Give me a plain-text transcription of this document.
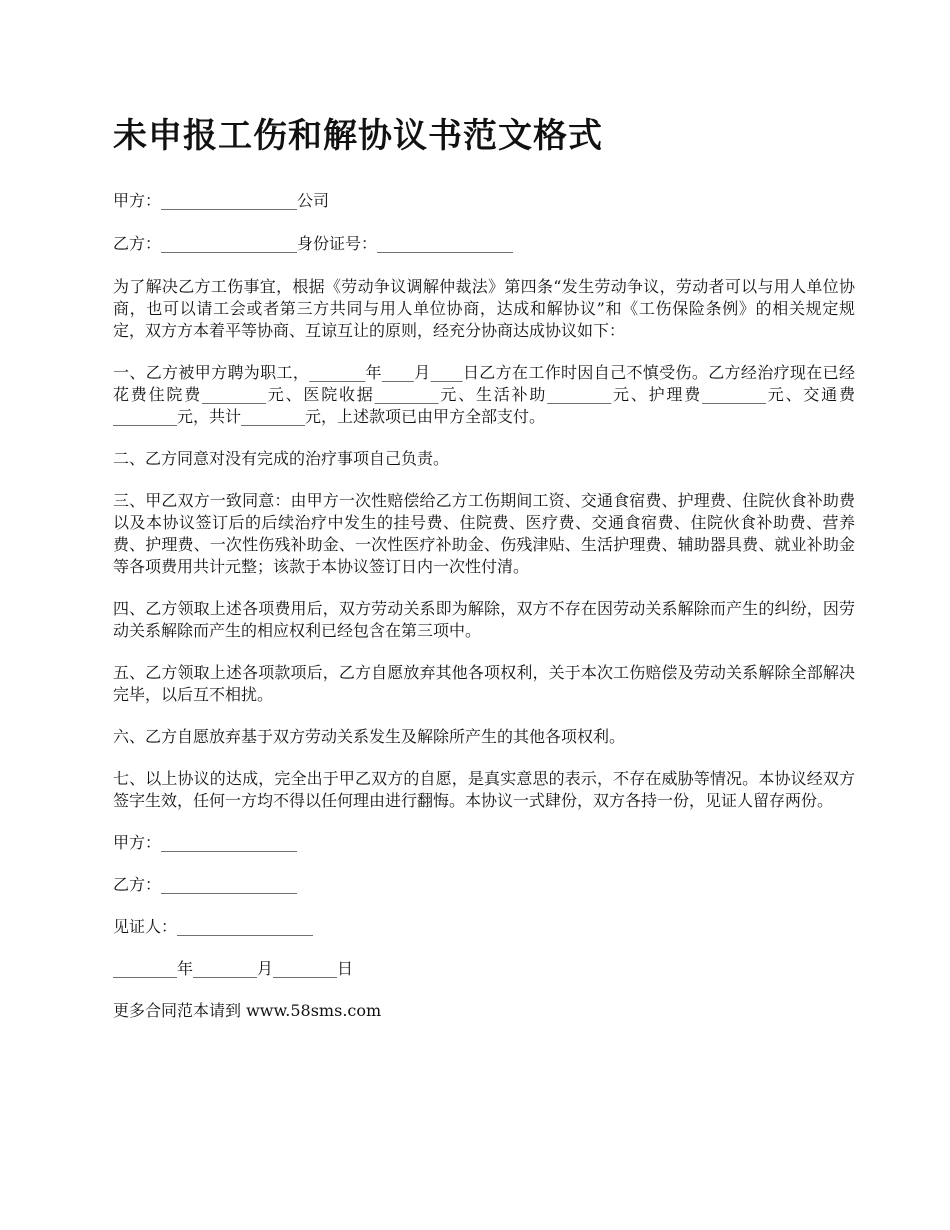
未申报工伤和解协议书范文格式

甲方：_________________公司

乙方：_________________身份证号：_________________

为了解决乙方工伤事宜，根据《劳动争议调解仲裁法》第四条“发生劳动争议，劳动者可以与用人单位协商，也可以请工会或者第三方共同与用人单位协商，达成和解协议”和《工伤保险条例》的相关规定规定，双方方本着平等协商、互谅互让的原则，经充分协商达成协议如下：

一、乙方被甲方聘为职工，_______年____月____日乙方在工作时因自己不慎受伤。乙方经治疗现在已经花费住院费________元、医院收据________元、生活补助________元、护理费________元、交通费________元，共计________元，上述款项已由甲方全部支付。

二、乙方同意对没有完成的治疗事项自己负责。

三、甲乙双方一致同意：由甲方一次性赔偿给乙方工伤期间工资、交通食宿费、护理费、住院伙食补助费以及本协议签订后的后续治疗中发生的挂号费、住院费、医疗费、交通食宿费、住院伙食补助费、营养费、护理费、一次性伤残补助金、一次性医疗补助金、伤残津贴、生活护理费、辅助器具费、就业补助金等各项费用共计元整；该款于本协议签订日内一次性付清。

四、乙方领取上述各项费用后，双方劳动关系即为解除，双方不存在因劳动关系解除而产生的纠纷，因劳动关系解除而产生的相应权利已经包含在第三项中。

五、乙方领取上述各项款项后，乙方自愿放弃其他各项权利，关于本次工伤赔偿及劳动关系解除全部解决完毕，以后互不相扰。

六、乙方自愿放弃基于双方劳动关系发生及解除所产生的其他各项权利。

七、以上协议的达成，完全出于甲乙双方的自愿，是真实意思的表示，不存在威胁等情况。本协议经双方签字生效，任何一方均不得以任何理由进行翻悔。本协议一式肆份，双方各持一份，见证人留存两份。

甲方：_________________

乙方：_________________

见证人：_________________

________年________月________日

更多合同范本请到 www.58sms.com
